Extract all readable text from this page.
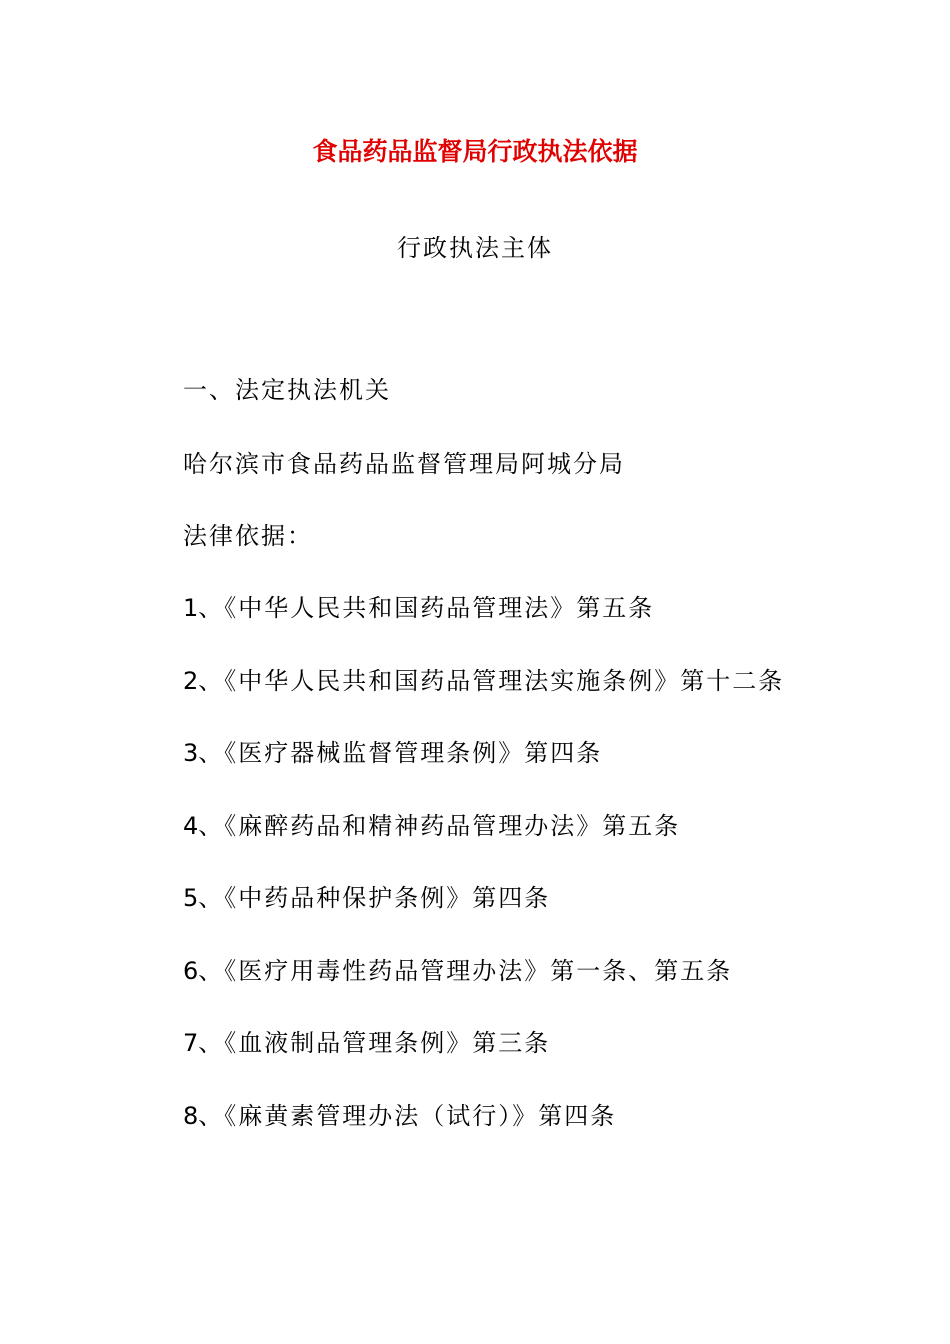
食品药品监督局行政执法依据
行政执法主体
一、法定执法机关
哈尔滨市食品药品监督管理局阿城分局
法律依据：
1、《中华人民共和国药品管理法》第五条
2、《中华人民共和国药品管理法实施条例》第十二条
3、《医疗器械监督管理条例》第四条
4、《麻醉药品和精神药品管理办法》第五条
5、《中药品种保护条例》第四条
6、《医疗用毒性药品管理办法》第一条、第五条
7、《血液制品管理条例》第三条
8、《麻黄素管理办法（试行）》第四条
